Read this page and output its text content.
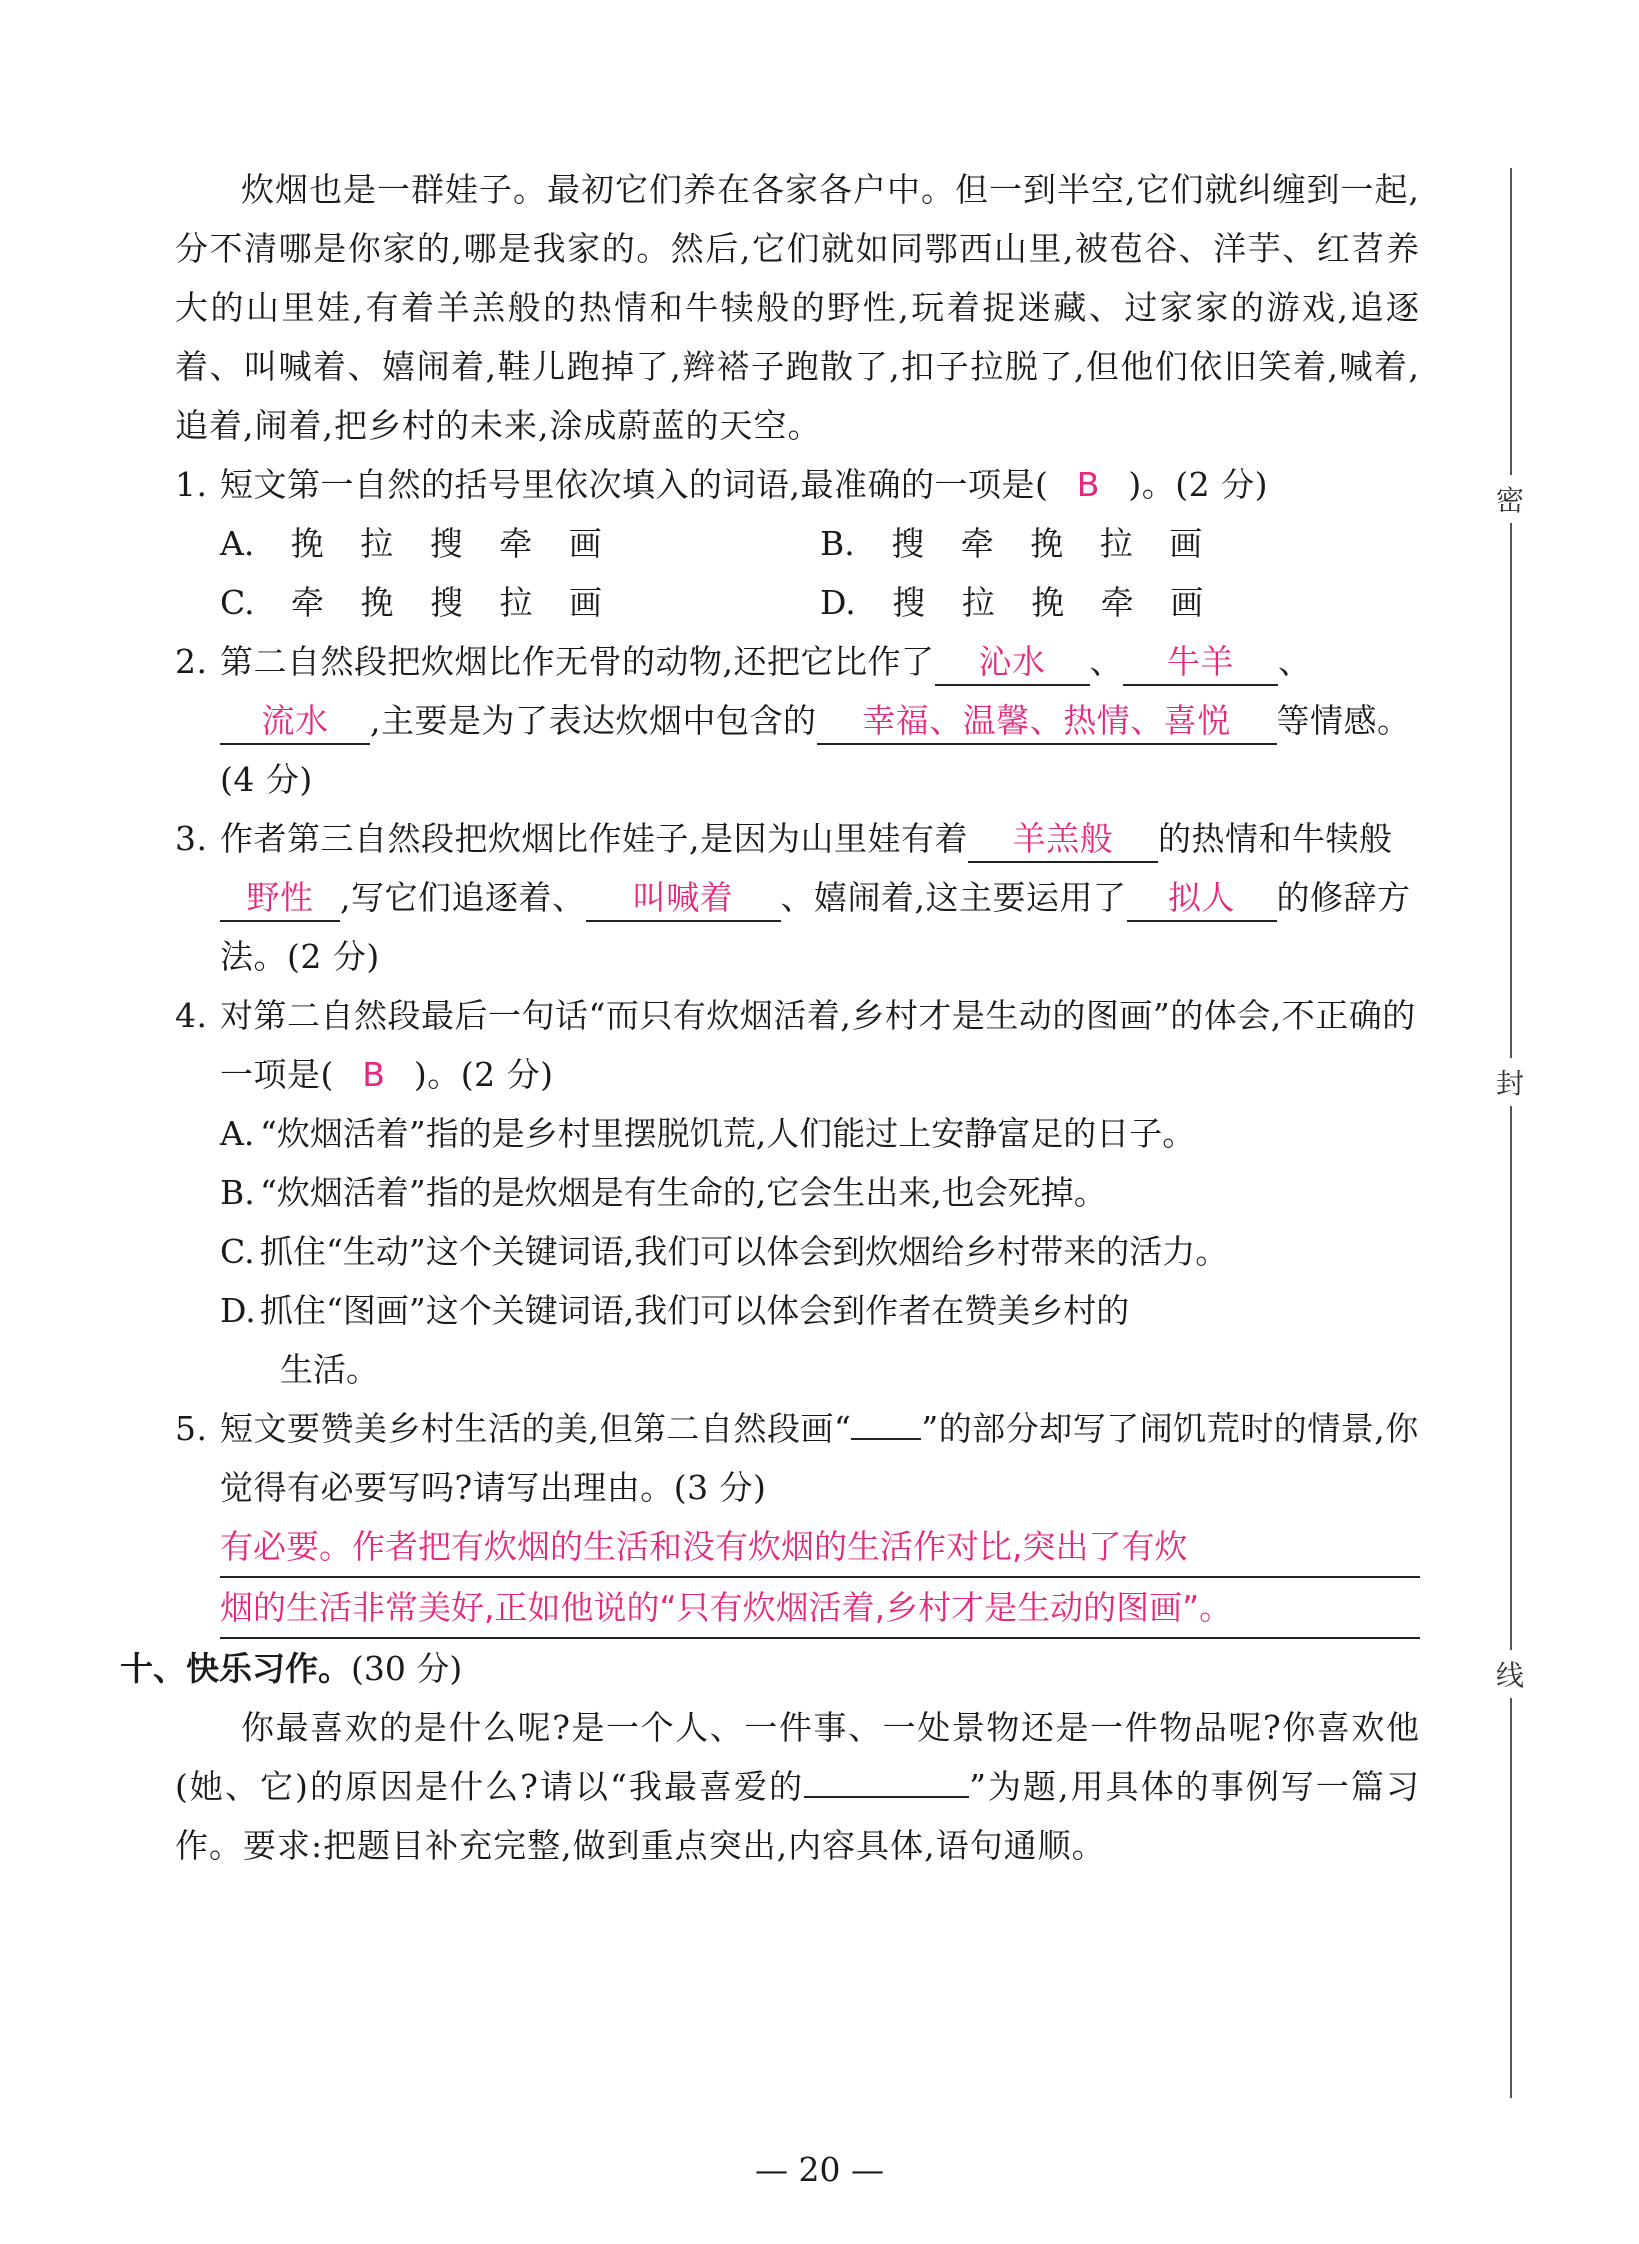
密
封
线

炊烟也是一群娃子。最初它们养在各家各户中。但一到半空,它们就纠缠到一起,分不清哪是你家的,哪是我家的。然后,它们就如同鄂西山里,被苞谷、洋芋、红苕养大的山里娃,有着羊羔般的热情和牛犊般的野性,玩着捉迷藏、过家家的游戏,追逐着、叫喊着、嬉闹着,鞋儿跑掉了,辫褡子跑散了,扣子拉脱了,但他们依旧笑着,喊着,追着,闹着,把乡村的未来,涂成蔚蓝的天空。

1. 短文第一自然的括号里依次填入的词语,最准确的一项是( B )。(2 分)
A. 挽 拉 搜 牵 画	B. 搜 牵 挽 拉 画
C. 牵 挽 搜 拉 画	D. 搜 拉 挽 牵 画
2. 第二自然段把炊烟比作无骨的动物,还把它比作了 沁水 、 牛羊 、流水 ,主要是为了表达炊烟中包含的 幸福、温馨、热情、喜悦 等情感。(4 分)
3. 作者第三自然段把炊烟比作娃子,是因为山里娃有着 羊羔般 的热情和牛犊般野性 ,写它们追逐着、 叫喊着 、嬉闹着,这主要运用了 拟人 的修辞方法。(2 分)
4. 对第二自然段最后一句话“而只有炊烟活着,乡村才是生动的图画”的体会,不正确的一项是( B )。(2 分)
A. “炊烟活着”指的是乡村里摆脱饥荒,人们能过上安静富足的日子。
B. “炊烟活着”指的是炊烟是有生命的,它会生出来,也会死掉。
C. 抓住“生动”这个关键词语,我们可以体会到炊烟给乡村带来的活力。
D. 抓住“图画”这个关键词语,我们可以体会到作者在赞美乡村的
生活。
5. 短文要赞美乡村生活的美,但第二自然段画“ ”的部分却写了闹饥荒时的情景,你觉得有必要写吗?请写出理由。(3 分)
有必要。作者把有炊烟的生活和没有炊烟的生活作对比,突出了有炊
烟的生活非常美好,正如他说的“只有炊烟活着,乡村才是生动的图画”。
十、快乐习作。(30 分)

你最喜欢的是什么呢?是一个人、一件事、一处景物还是一件物品呢?你喜欢他(她、它)的原因是什么?请以“我最喜爱的	”为题,用具体的事例写一篇习作。要求:把题目补充完整,做到重点突出,内容具体,语句通顺。

— 20 —
